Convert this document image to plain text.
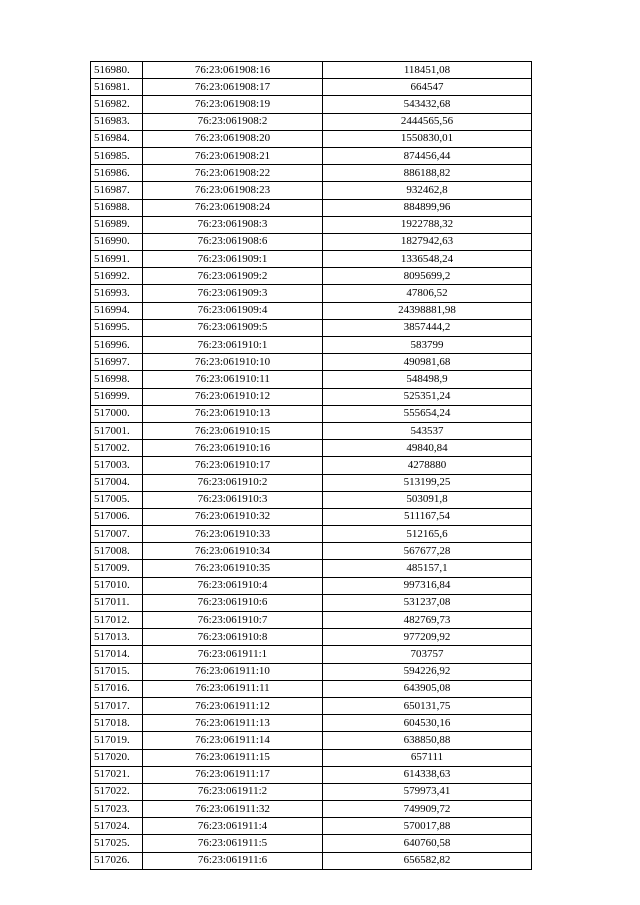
516980.	76:23:061908:16	118451,08
516981.	76:23:061908:17	664547
516982.	76:23:061908:19	543432,68
516983.	76:23:061908:2	2444565,56
516984.	76:23:061908:20	1550830,01
516985.	76:23:061908:21	874456,44
516986.	76:23:061908:22	886188,82
516987.	76:23:061908:23	932462,8
516988.	76:23:061908:24	884899,96
516989.	76:23:061908:3	1922788,32
516990.	76:23:061908:6	1827942,63
516991.	76:23:061909:1	1336548,24
516992.	76:23:061909:2	8095699,2
516993.	76:23:061909:3	47806,52
516994.	76:23:061909:4	24398881,98
516995.	76:23:061909:5	3857444,2
516996.	76:23:061910:1	583799
516997.	76:23:061910:10	490981,68
516998.	76:23:061910:11	548498,9
516999.	76:23:061910:12	525351,24
517000.	76:23:061910:13	555654,24
517001.	76:23:061910:15	543537
517002.	76:23:061910:16	49840,84
517003.	76:23:061910:17	4278880
517004.	76:23:061910:2	513199,25
517005.	76:23:061910:3	503091,8
517006.	76:23:061910:32	511167,54
517007.	76:23:061910:33	512165,6
517008.	76:23:061910:34	567677,28
517009.	76:23:061910:35	485157,1
517010.	76:23:061910:4	997316,84
517011.	76:23:061910:6	531237,08
517012.	76:23:061910:7	482769,73
517013.	76:23:061910:8	977209,92
517014.	76:23:061911:1	703757
517015.	76:23:061911:10	594226,92
517016.	76:23:061911:11	643905,08
517017.	76:23:061911:12	650131,75
517018.	76:23:061911:13	604530,16
517019.	76:23:061911:14	638850,88
517020.	76:23:061911:15	657111
517021.	76:23:061911:17	614338,63
517022.	76:23:061911:2	579973,41
517023.	76:23:061911:32	749909,72
517024.	76:23:061911:4	570017,88
517025.	76:23:061911:5	640760,58
517026.	76:23:061911:6	656582,82
